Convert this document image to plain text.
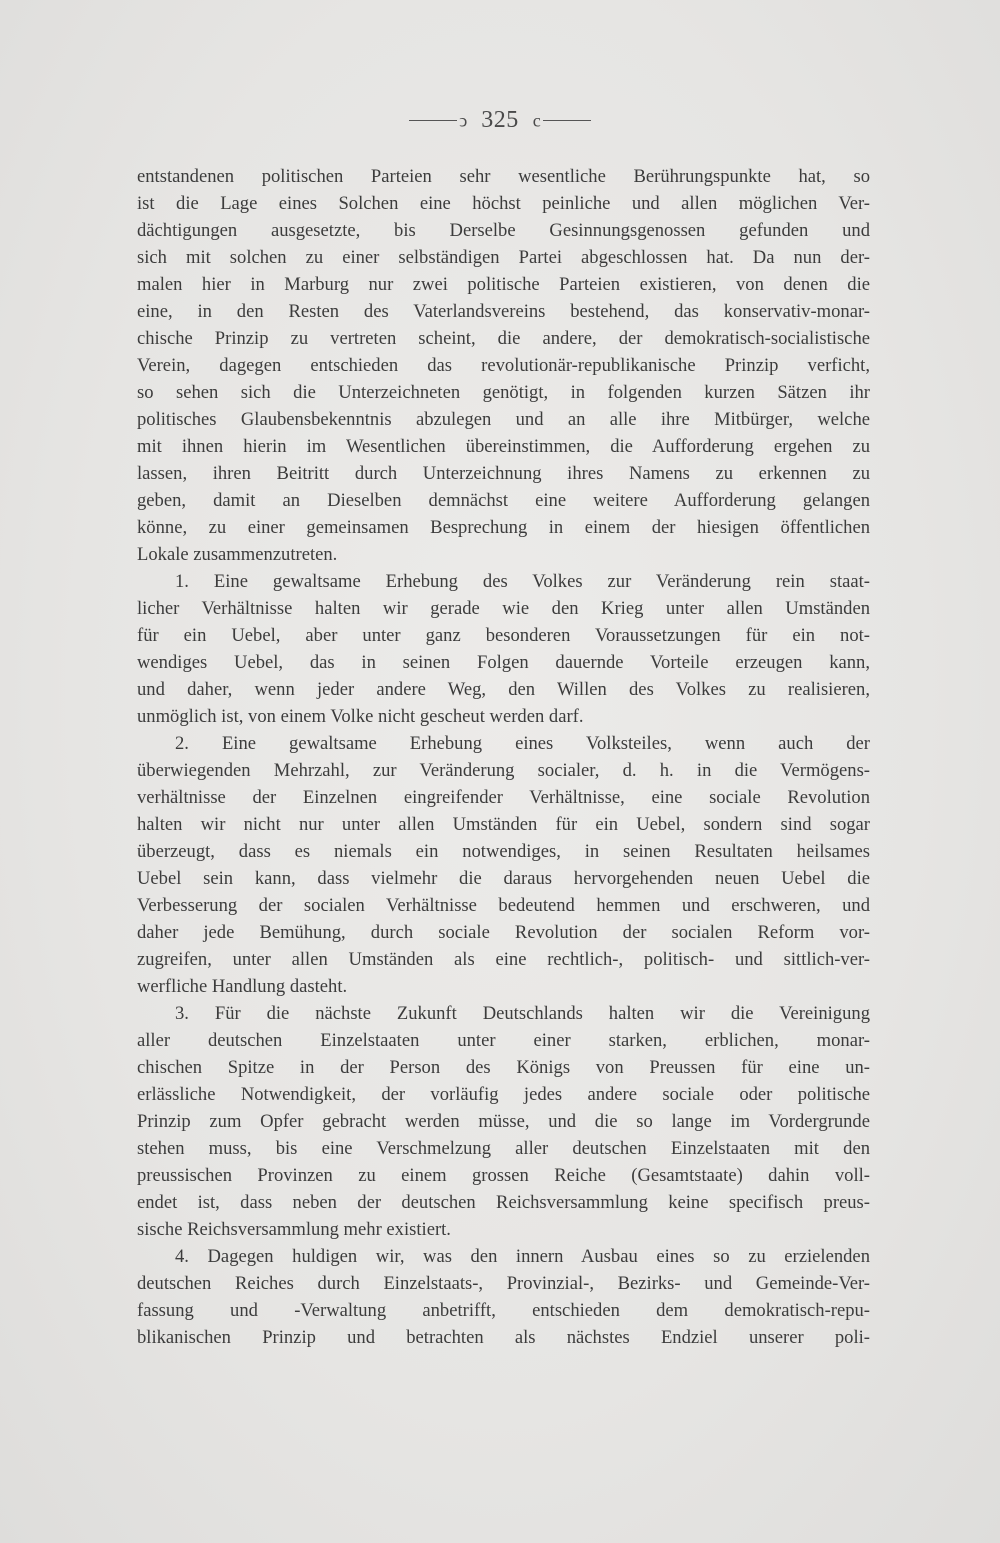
ↄ 325 c
entstandenen politischen Parteien sehr wesentliche Berührungspunkte hat, so
ist die Lage eines Solchen eine höchst peinliche und allen möglichen Ver-
dächtigungen ausgesetzte, bis Derselbe Gesinnungsgenossen gefunden und
sich mit solchen zu einer selbständigen Partei abgeschlossen hat. Da nun der-
malen hier in Marburg nur zwei politische Parteien existieren, von denen die
eine, in den Resten des Vaterlandsvereins bestehend, das konservativ-monar-
chische Prinzip zu vertreten scheint, die andere, der demokratisch-socialistische
Verein, dagegen entschieden das revolutionär-republikanische Prinzip verficht,
so sehen sich die Unterzeichneten genötigt, in folgenden kurzen Sätzen ihr
politisches Glaubensbekenntnis abzulegen und an alle ihre Mitbürger, welche
mit ihnen hierin im Wesentlichen übereinstimmen, die Aufforderung ergehen zu
lassen, ihren Beitritt durch Unterzeichnung ihres Namens zu erkennen zu
geben, damit an Dieselben demnächst eine weitere Aufforderung gelangen
könne, zu einer gemeinsamen Besprechung in einem der hiesigen öffentlichen
Lokale zusammenzutreten.
1. Eine gewaltsame Erhebung des Volkes zur Veränderung rein staat-
licher Verhältnisse halten wir gerade wie den Krieg unter allen Umständen
für ein Uebel, aber unter ganz besonderen Voraussetzungen für ein not-
wendiges Uebel, das in seinen Folgen dauernde Vorteile erzeugen kann,
und daher, wenn jeder andere Weg, den Willen des Volkes zu realisieren,
unmöglich ist, von einem Volke nicht gescheut werden darf.
2. Eine gewaltsame Erhebung eines Volksteiles, wenn auch der
überwiegenden Mehrzahl, zur Veränderung socialer, d. h. in die Vermögens-
verhältnisse der Einzelnen eingreifender Verhältnisse, eine sociale Revolution
halten wir nicht nur unter allen Umständen für ein Uebel, sondern sind sogar
überzeugt, dass es niemals ein notwendiges, in seinen Resultaten heilsames
Uebel sein kann, dass vielmehr die daraus hervorgehenden neuen Uebel die
Verbesserung der socialen Verhältnisse bedeutend hemmen und erschweren, und
daher jede Bemühung, durch sociale Revolution der socialen Reform vor-
zugreifen, unter allen Umständen als eine rechtlich-, politisch- und sittlich-ver-
werfliche Handlung dasteht.
3. Für die nächste Zukunft Deutschlands halten wir die Vereinigung
aller deutschen Einzelstaaten unter einer starken, erblichen, monar-
chischen Spitze in der Person des Königs von Preussen für eine un-
erlässliche Notwendigkeit, der vorläufig jedes andere sociale oder politische
Prinzip zum Opfer gebracht werden müsse, und die so lange im Vordergrunde
stehen muss, bis eine Verschmelzung aller deutschen Einzelstaaten mit den
preussischen Provinzen zu einem grossen Reiche (Gesamtstaate) dahin voll-
endet ist, dass neben der deutschen Reichsversammlung keine specifisch preus-
sische Reichsversammlung mehr existiert.
4. Dagegen huldigen wir, was den innern Ausbau eines so zu erzielenden
deutschen Reiches durch Einzelstaats-, Provinzial-, Bezirks- und Gemeinde-Ver-
fassung und -Verwaltung anbetrifft, entschieden dem demokratisch-repu-
blikanischen Prinzip und betrachten als nächstes Endziel unserer poli-
